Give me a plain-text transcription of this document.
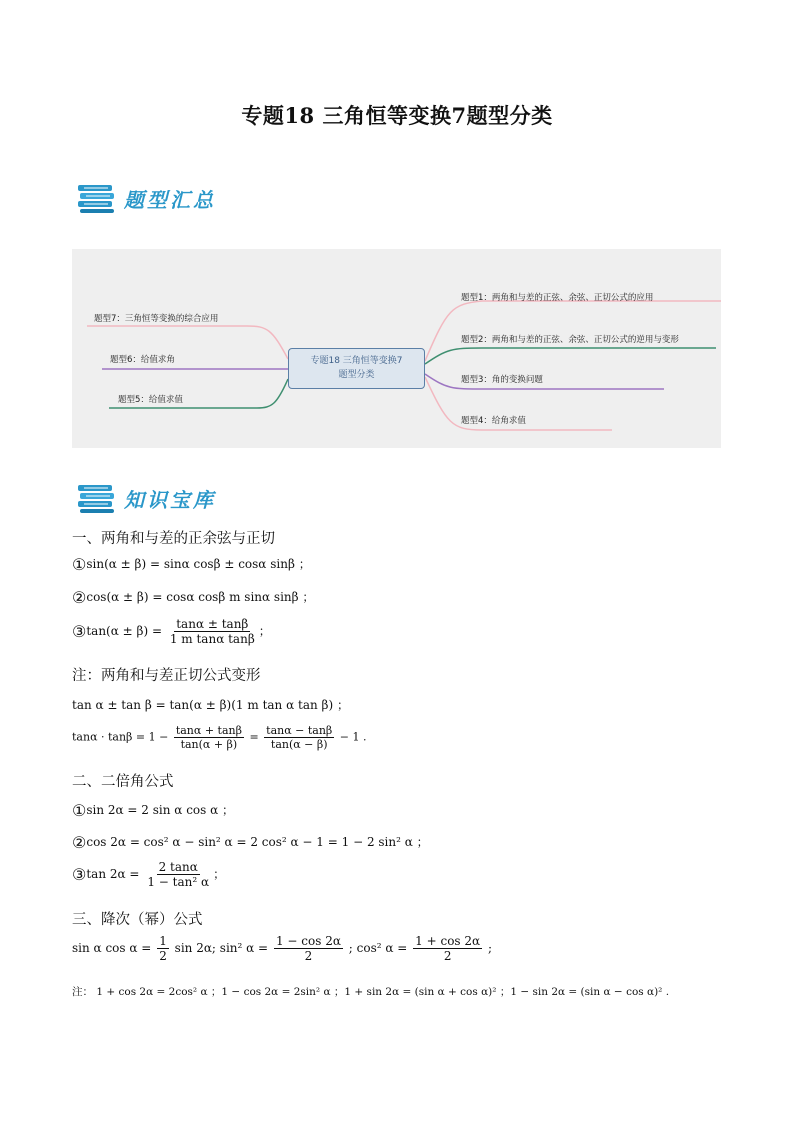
专题18 三角恒等变换7题型分类
题型汇总
专题18 三角恒等变换7
题型分类
题型1：两角和与差的正弦、余弦、正切公式的应用
题型2：两角和与差的正弦、余弦、正切公式的逆用与变形
题型3：角的变换问题
题型4：给角求值
题型7：三角恒等变换的综合应用
题型6：给值求角
题型5：给值求值
知识宝库
一、两角和与差的正余弦与正切
①sin(α ± β) = sinα cosβ ± cosα sinβ ；
②cos(α ± β) = cosα cosβ m sinα sinβ ；
③tan(α ± $\beta) = \frac{\tan\alpha \pm \tan\beta}{\text{1 m tanα tanβ}}$ ；
注：两角和与差正切公式变形
tan α ± tan β = tan(α ± β)(1 m tan α tan β) ；
$\tan\alpha \cdot \tan\beta = 1 - \frac{\tan\alpha + \tan\beta}{\tan(\alpha + \beta)} = \frac{\tan\alpha - \tan\beta}{\tan(\alpha - \beta)} - 1$ .
二、二倍角公式
①sin 2α = 2 sin α cos α ；
②cos 2α = cos² α − sin² α = 2 cos² α − 1 = 1 − 2 sin² α ；
③tan $2\alpha = \frac{2 \tan\alpha}{\text{1 − tan² α}}$ ；
三、降次（幂）公式
sin α $\cos \alpha = \frac{1}{2}$ sin 2α; sin² $\alpha = \frac{1 - \cos 2\alpha}{2}$ ; cos² $\alpha = \frac{1 + \cos 2\alpha}{2}$ ;
注： 1 + cos 2α = 2cos² α ；1 − cos 2α = 2sin² α ；1 + sin 2α = (sin α + cos α)² ；1 − sin 2α = (sin α − cos α)² .
